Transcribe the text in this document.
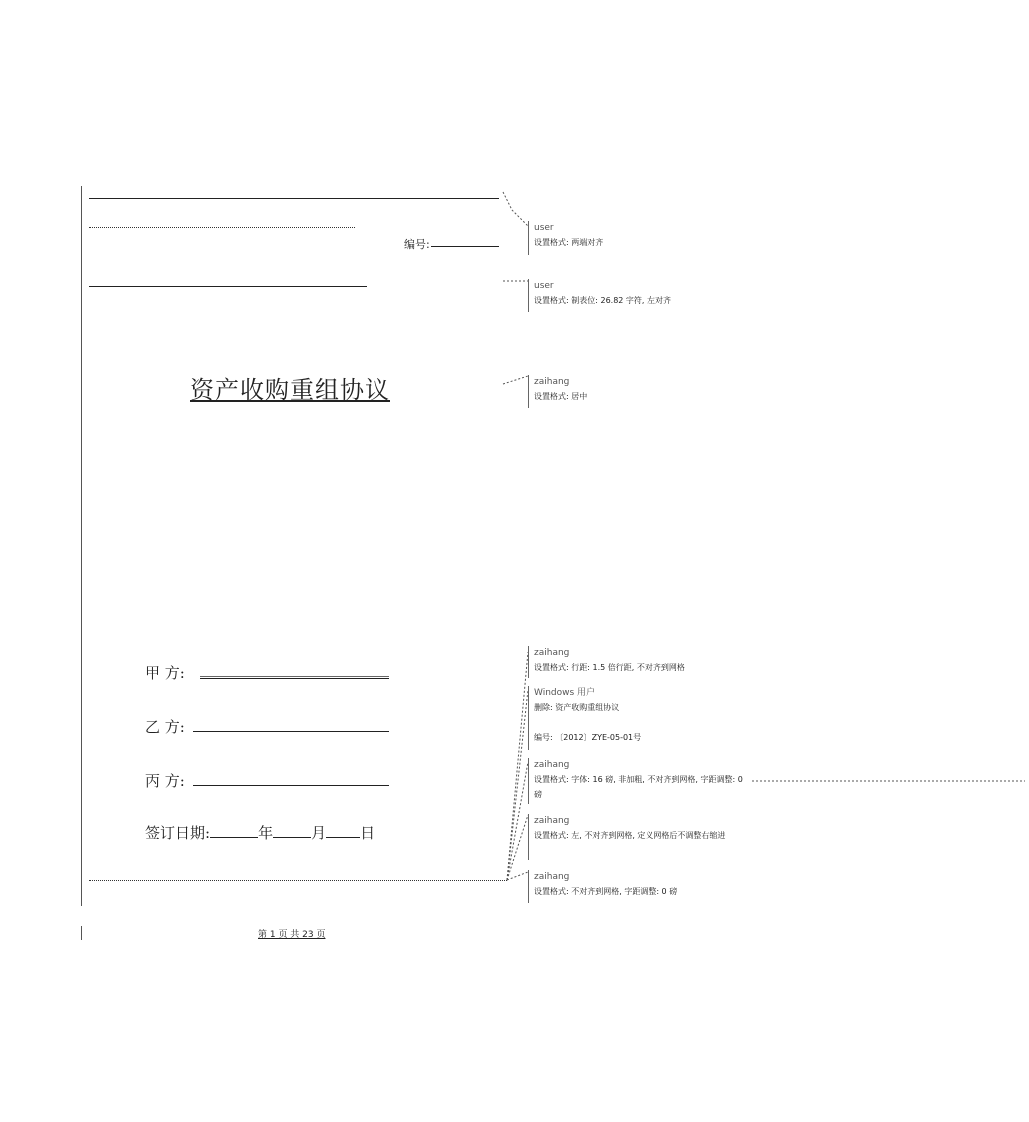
编号:
资产收购重组协议
甲 方:
乙 方:
丙 方:
签订日期:	年	月 日
第 1 页 共 23 页
user
设置格式: 两端对齐
user
设置格式: 制表位: 26.82 字符, 左对齐
zaihang
设置格式: 居中
zaihang
设置格式: 行距: 1.5 倍行距, 不对齐到网格
Windows 用户
删除: 资产收购重组协议
编号: 〔2012〕ZYE-05-01号
zaihang
设置格式: 字体: 16 磅, 非加粗, 不对齐到网格, 字距调整: 0 磅
zaihang
设置格式: 左, 不对齐到网格, 定义网格后不调整右缩进
zaihang
设置格式: 不对齐到网格, 字距调整: 0 磅
